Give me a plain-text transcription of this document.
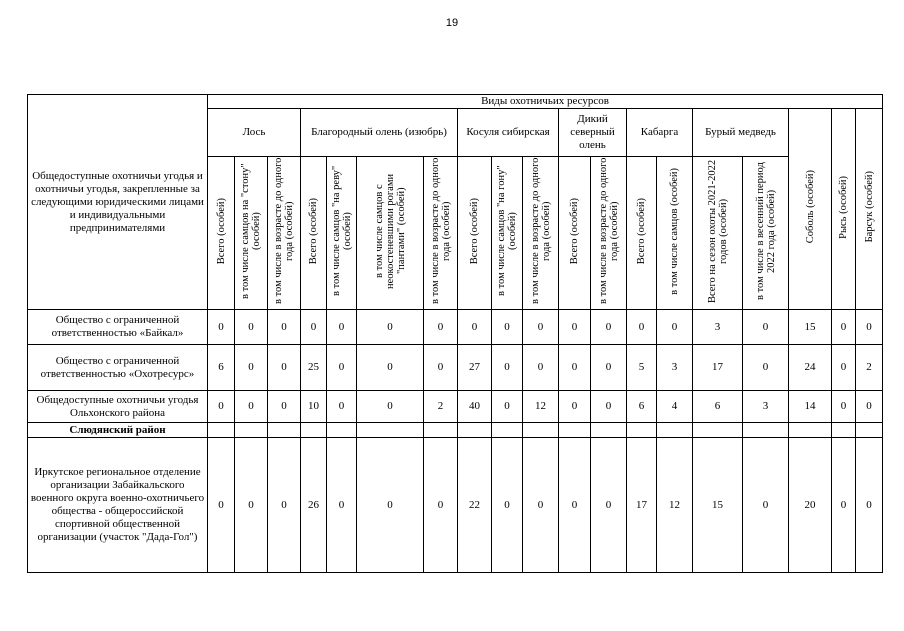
19
Общедоступные охотничьи угодья и охотничьи угодья, закрепленные за следующими юридическими лицами и индивидуальными предпринимателями	Виды охотничьих ресурсов																		
	Лось			Благородный олень (изюбрь)				Косуля сибирская			Дикий северный олень		Кабарга		Бурый медведь		Соболь (особей)	Рысь (особей)	Барсук (особей)
	Всего (особей)	в том числе самцов на "стону" (особей)	в том числе в возрасте до одного года (особей)	Всего (особей)	в том числе самцов "на реву" (особей)	в том числе самцов с неокостеневшими рогами "пантами" (особей)	в том числе в возрасте до одного года (особей)	Всего (особей)	в том числе самцов "на гону" (особей)	в том числе в возрасте до одного года (особей)	Всего (особей)	в том числе в возрасте до одного года (особей)	Всего (особей)	в том числе самцов (особей)	Всего на сезон охоты 2021-2022 годов (особей)	в том числе в весенний период 2022 года (особей)			
Общество с ограниченной ответственностью «Байкал»	0	0	0	0	0	0	0	0	0	0	0	0	0	0	3	0	15	0	0
Общество с ограниченной ответственностью «Охотресурс»	6	0	0	25	0	0	0	27	0	0	0	0	5	3	17	0	24	0	2
Общедоступные охотничьи угодья Ольхонского района	0	0	0	10	0	0	2	40	0	12	0	0	6	4	6	3	14	0	0
Слюдянский район																			
Иркутское региональное отделение организации Забайкальского военного округа военно-охотничьего общества - общероссийской спортивной общественной организации (участок "Дада-Гол")	0	0	0	26	0	0	0	22	0	0	0	0	17	12	15	0	20	0	0
